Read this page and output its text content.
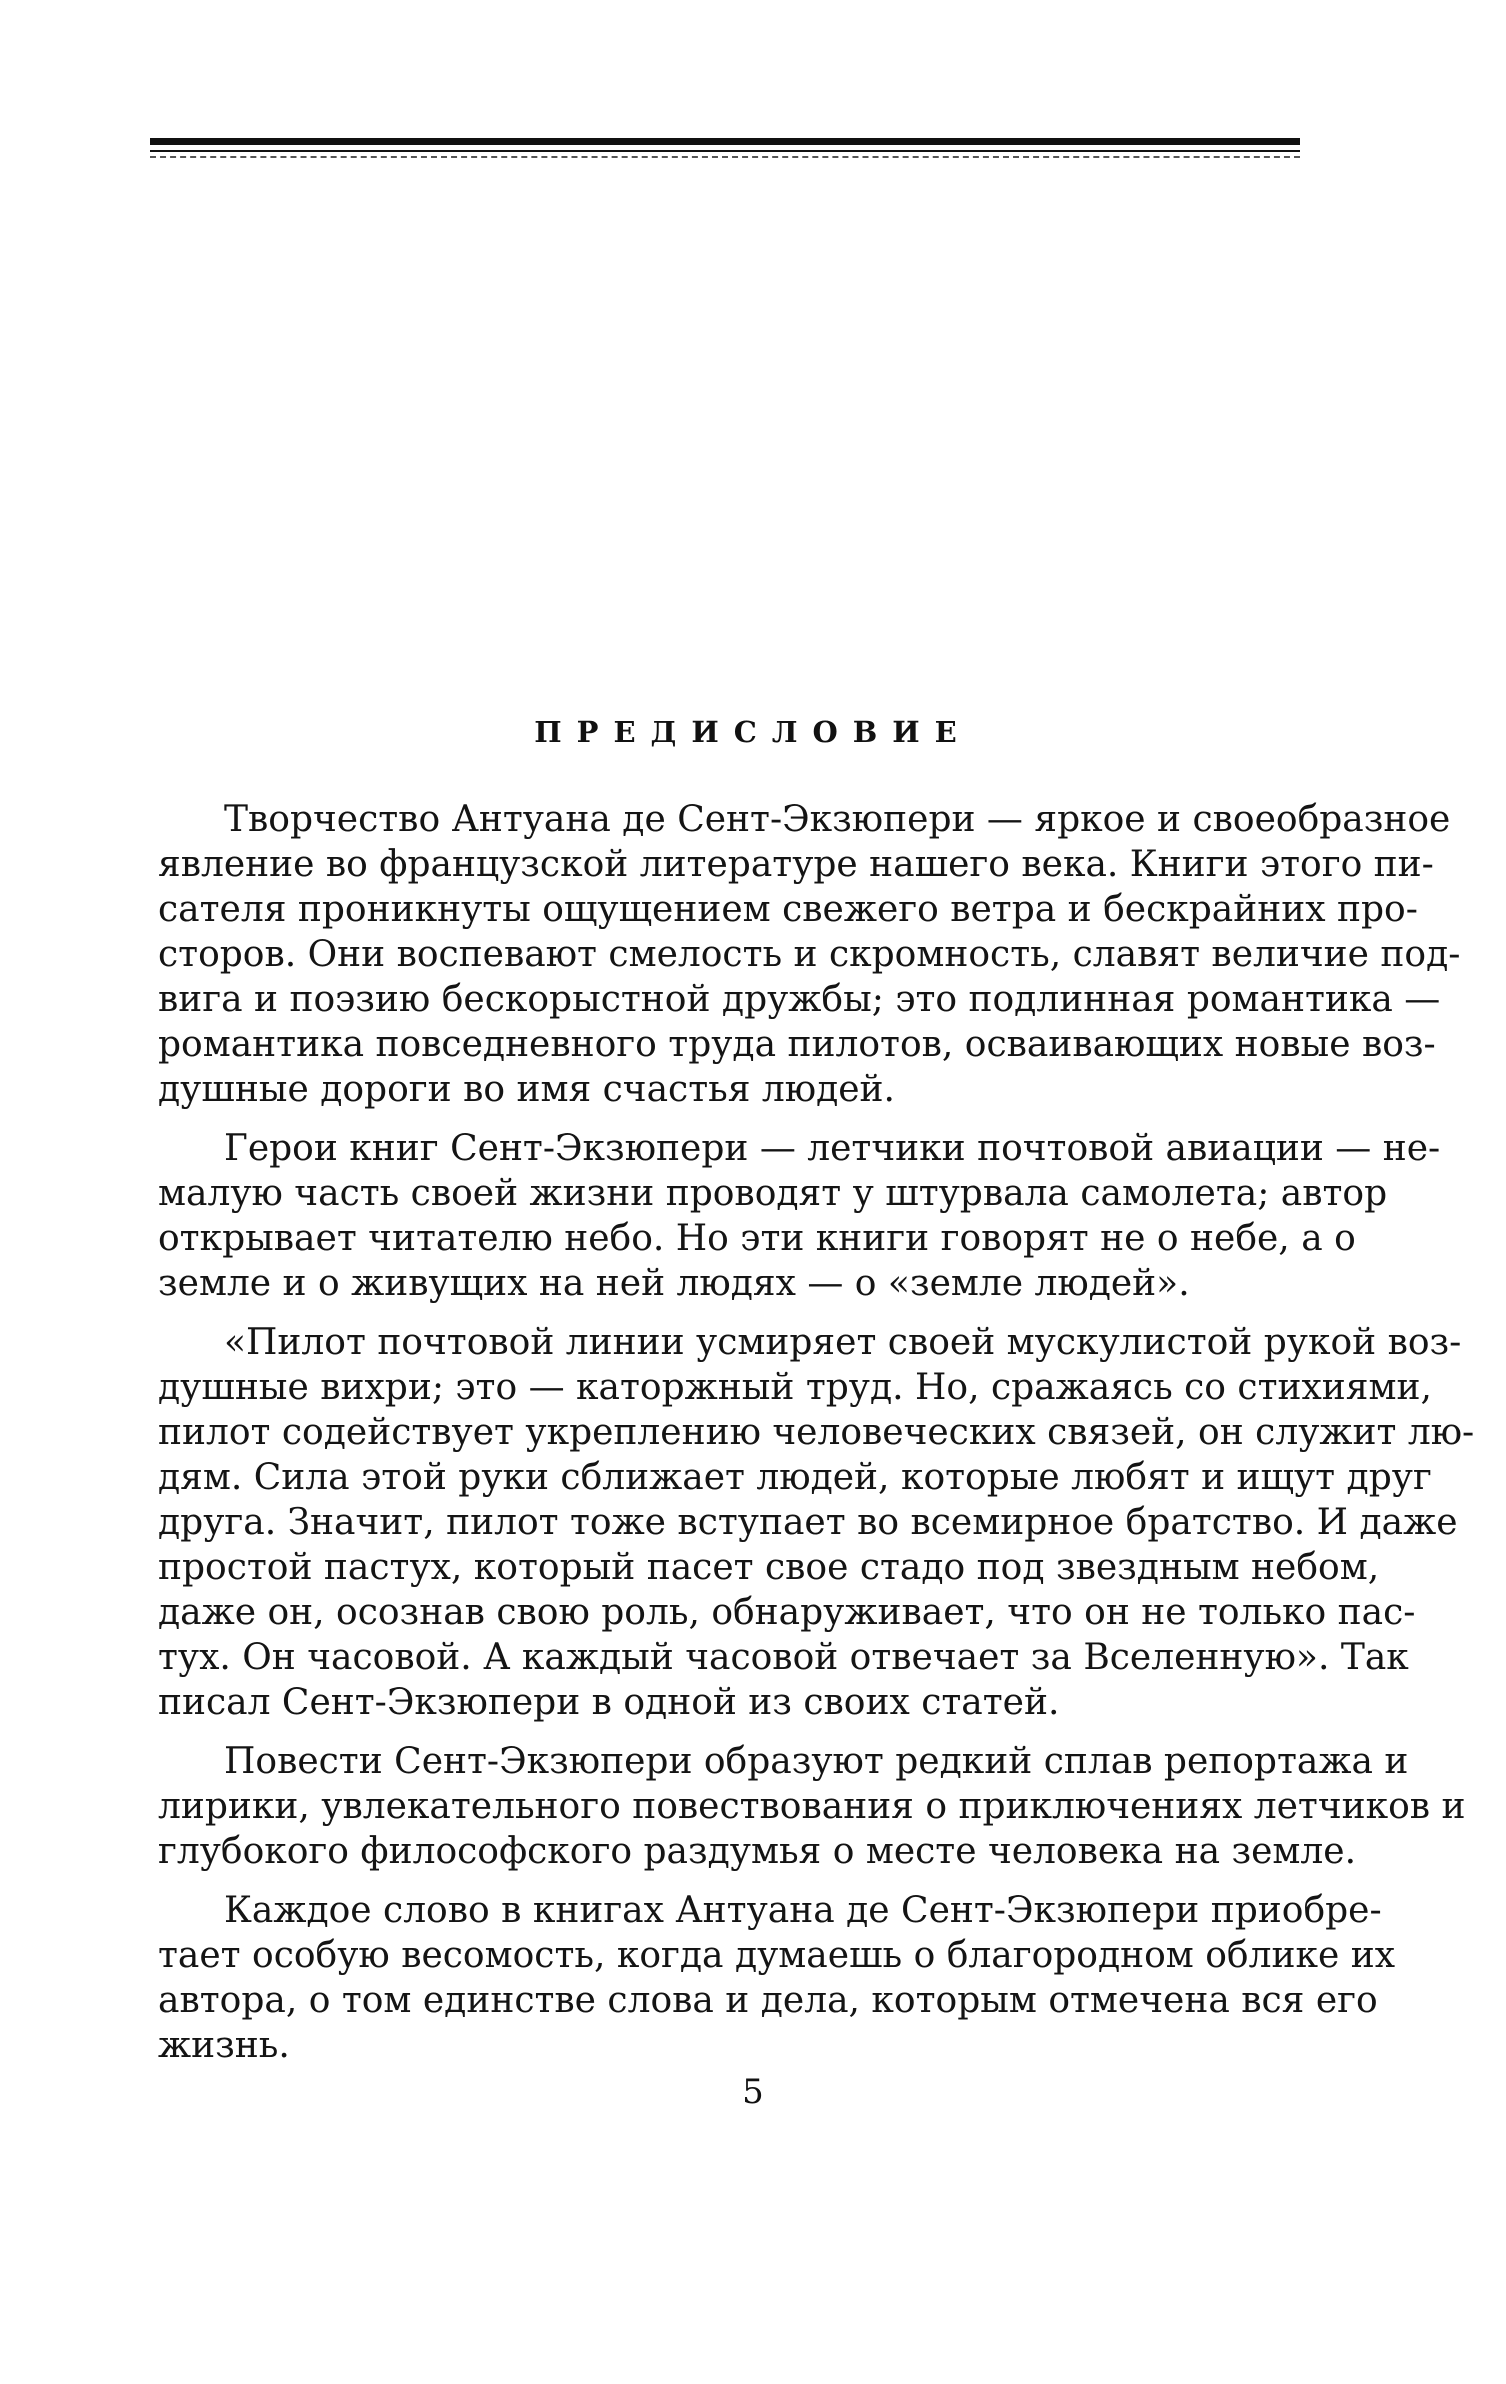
ПРЕДИСЛОВИЕ
Творчество Антуана де Сент-Экзюпери — яркое и своеобразное
явление во французской литературе нашего века. Книги этого пи-
сателя проникнуты ощущением свежего ветра и бескрайних про-
сторов. Они воспевают смелость и скромность, славят величие под-
вига и поэзию бескорыстной дружбы; это подлинная романтика —
романтика повседневного труда пилотов, осваивающих новые воз-
душные дороги во имя счастья людей.
Герои книг Сент-Экзюпери — летчики почтовой авиации — не-
малую часть своей жизни проводят у штурвала самолета; автор
открывает читателю небо. Но эти книги говорят не о небе, а о
земле и о живущих на ней людях — о «земле людей».
«Пилот почтовой линии усмиряет своей мускулистой рукой воз-
душные вихри; это — каторжный труд. Но, сражаясь со стихиями,
пилот содействует укреплению человеческих связей, он служит лю-
дям. Сила этой руки сближает людей, которые любят и ищут друг
друга. Значит, пилот тоже вступает во всемирное братство. И даже
простой пастух, который пасет свое стадо под звездным небом,
даже он, осознав свою роль, обнаруживает, что он не только пас-
тух. Он часовой. А каждый часовой отвечает за Вселенную». Так
писал Сент-Экзюпери в одной из своих статей.
Повести Сент-Экзюпери образуют редкий сплав репортажа и
лирики, увлекательного повествования о приключениях летчиков и
глубокого философского раздумья о месте человека на земле.
Каждое слово в книгах Антуана де Сент-Экзюпери приобре-
тает особую весомость, когда думаешь о благородном облике их
автора, о том единстве слова и дела, которым отмечена вся его
жизнь.
5
